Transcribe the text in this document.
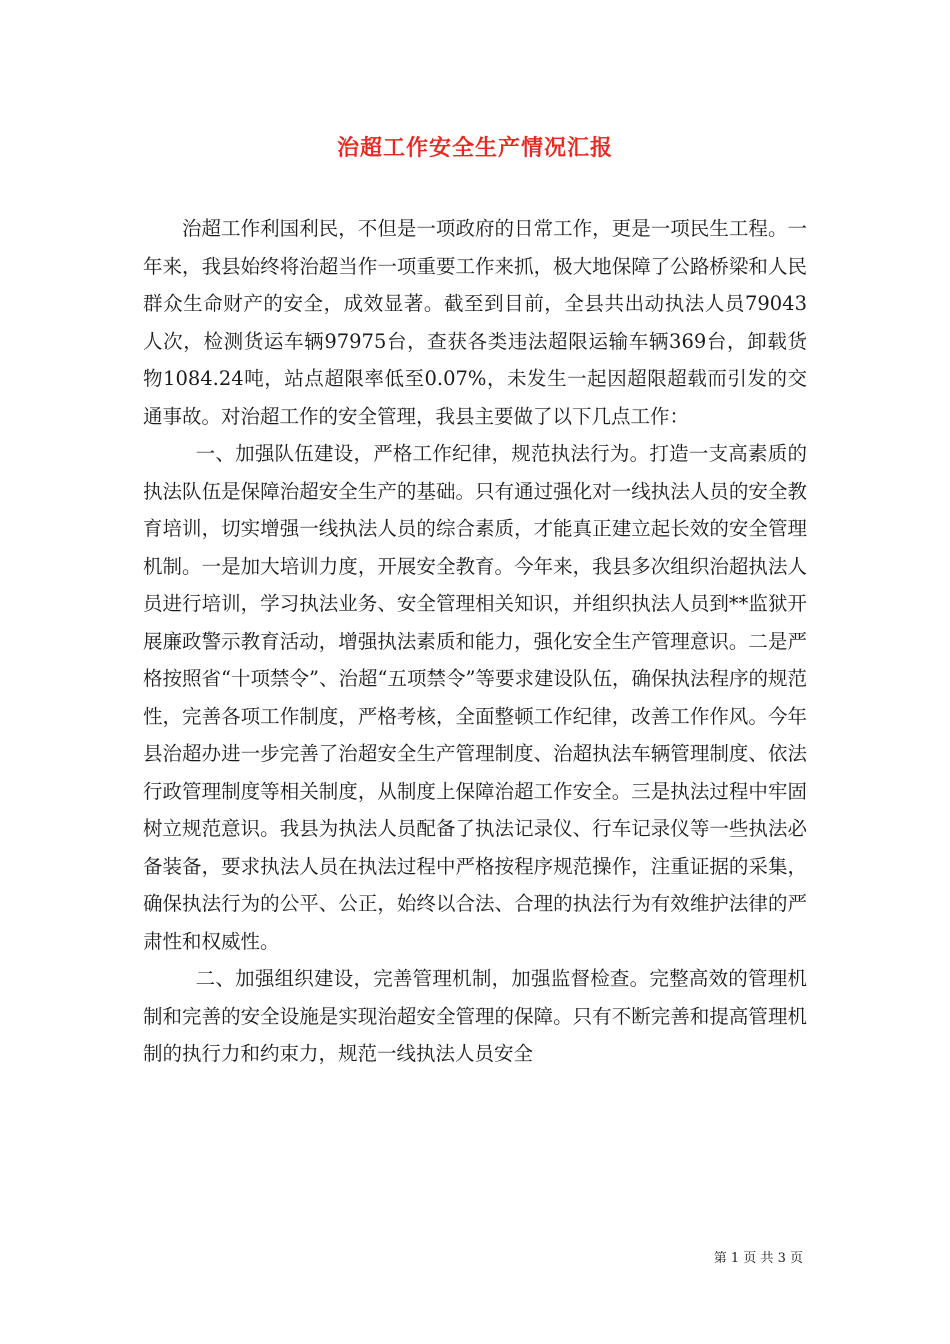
治超工作安全生产情况汇报

治超工作利国利民，不但是一项政府的日常工作，更是一项民生工程。一年来，我县始终将治超当作一项重要工作来抓，极大地保障了公路桥梁和人民群众生命财产的安全，成效显著。截至到目前，全县共出动执法人员79043人次，检测货运车辆97975台，查获各类违法超限运输车辆369台，卸载货物1084.24吨，站点超限率低至0.07%，未发生一起因超限超载而引发的交通事故。对治超工作的安全管理，我县主要做了以下几点工作：

一、加强队伍建设，严格工作纪律，规范执法行为。打造一支高素质的执法队伍是保障治超安全生产的基础。只有通过强化对一线执法人员的安全教育培训，切实增强一线执法人员的综合素质，才能真正建立起长效的安全管理机制。一是加大培训力度，开展安全教育。今年来，我县多次组织治超执法人员进行培训，学习执法业务、安全管理相关知识，并组织执法人员到**监狱开展廉政警示教育活动，增强执法素质和能力，强化安全生产管理意识。二是严格按照省“十项禁令”、治超“五项禁令”等要求建设队伍，确保执法程序的规范性，完善各项工作制度，严格考核，全面整顿工作纪律，改善工作作风。今年县治超办进一步完善了治超安全生产管理制度、治超执法车辆管理制度、依法行政管理制度等相关制度，从制度上保障治超工作安全。三是执法过程中牢固树立规范意识。我县为执法人员配备了执法记录仪、行车记录仪等一些执法必备装备，要求执法人员在执法过程中严格按程序规范操作，注重证据的采集，确保执法行为的公平、公正，始终以合法、合理的执法行为有效维护法律的严肃性和权威性。

二、加强组织建设，完善管理机制，加强监督检查。完整高效的管理机制和完善的安全设施是实现治超安全管理的保障。只有不断完善和提高管理机制的执行力和约束力，规范一线执法人员安全

第 1 页 共 3 页
